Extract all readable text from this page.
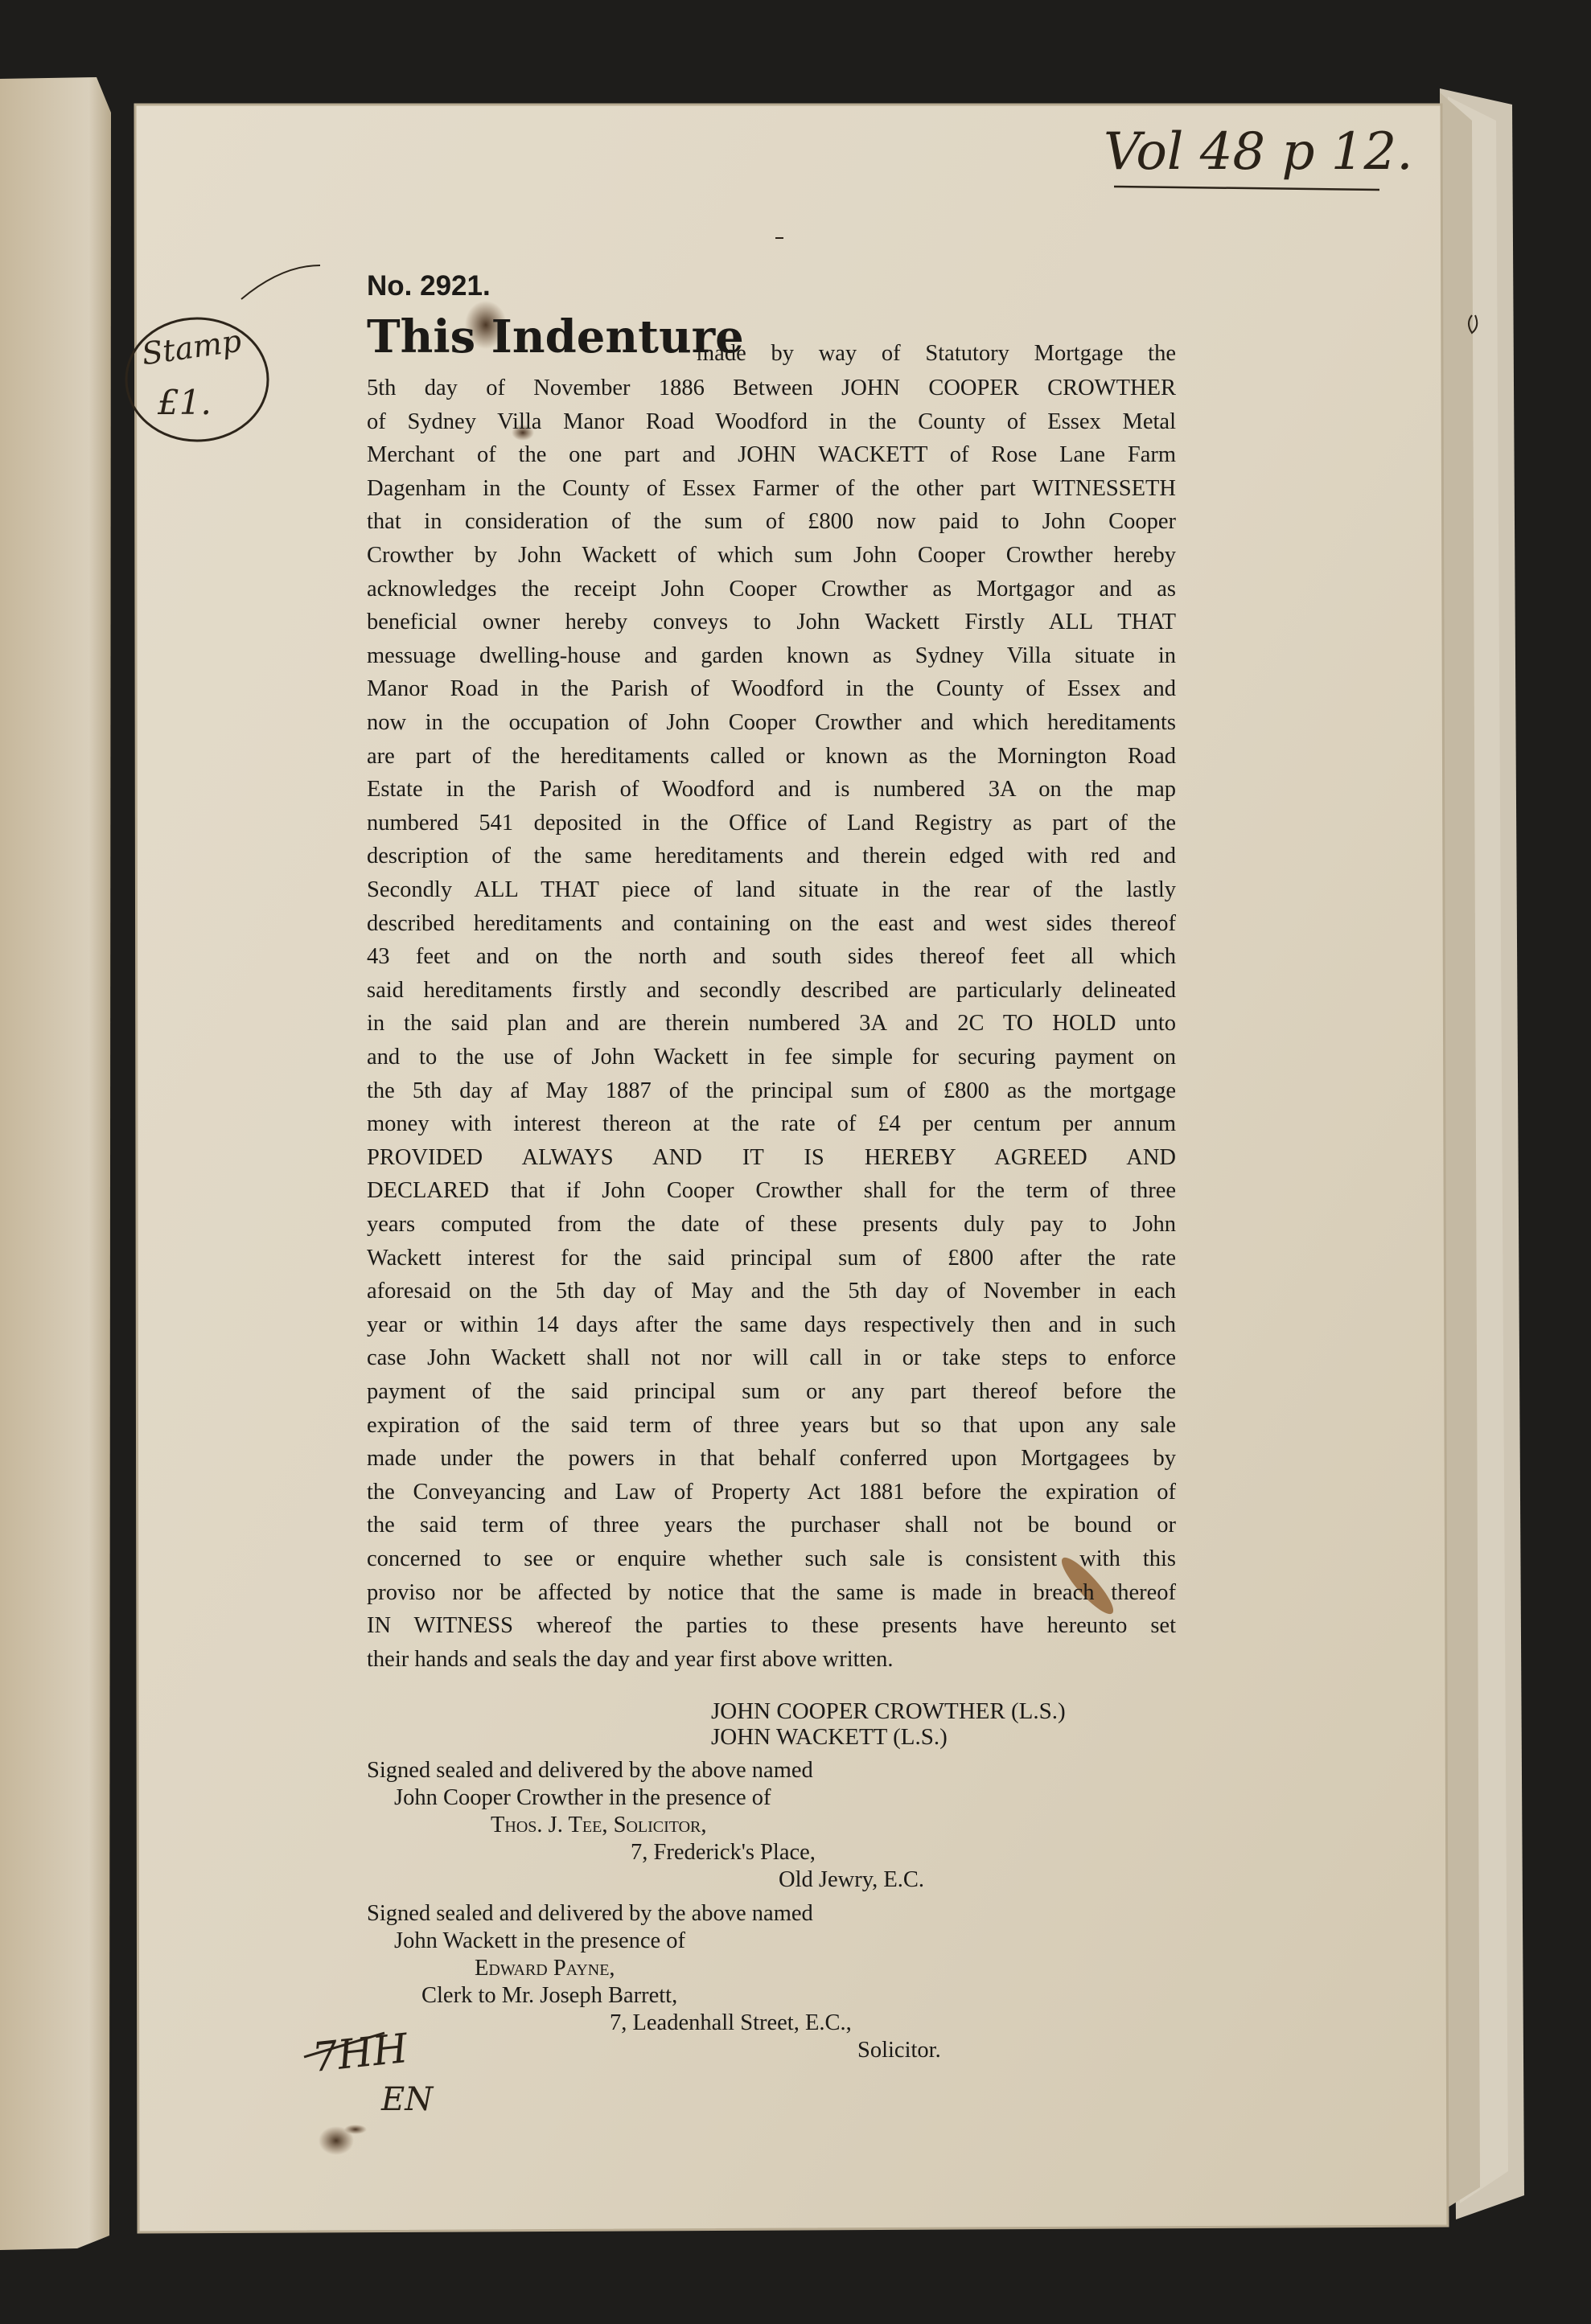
Vol 48 p 12.
Stamp
£1.
7HH
EN
No. 2921.
This Indenture
made by way of Statutory Mortgage the

5th day of November 1886 Between JOHN COOPER CROWTHER

of Sydney Villa Manor Road Woodford in the County of Essex Metal

Merchant of the one part and JOHN WACKETT of Rose Lane Farm

Dagenham in the County of Essex Farmer of the other part WITNESSETH

that in consideration of the sum of £800 now paid to John Cooper

Crowther by John Wackett of which sum John Cooper Crowther hereby

acknowledges the receipt John Cooper Crowther as Mortgagor and as

beneficial owner hereby conveys to John Wackett Firstly ALL THAT

messuage dwelling-house and garden known as Sydney Villa situate in

Manor Road in the Parish of Woodford in the County of Essex and

now in the occupation of John Cooper Crowther and which hereditaments

are part of the hereditaments called or known as the Mornington Road

Estate in the Parish of Woodford and is numbered 3A on the map

numbered 541 deposited in the Office of Land Registry as part of the

description of the same hereditaments and therein edged with red and

Secondly ALL THAT piece of land situate in the rear of the lastly

described hereditaments and containing on the east and west sides thereof

43 feet and on the north and south sides thereof feet all which

said hereditaments firstly and secondly described are particularly delineated

in the said plan and are therein numbered 3A and 2C TO HOLD unto

and to the use of John Wackett in fee simple for securing payment on

the 5th day af May 1887 of the principal sum of £800 as the mortgage

money with interest thereon at the rate of £4 per centum per annum

PROVIDED ALWAYS AND IT IS HEREBY AGREED AND

DECLARED that if John Cooper Crowther shall for the term of three

years computed from the date of these presents duly pay to John

Wackett interest for the said principal sum of £800 after the rate

aforesaid on the 5th day of May and the 5th day of November in each

year or within 14 days after the same days respectively then and in such

case John Wackett shall not nor will call in or take steps to enforce

payment of the said principal sum or any part thereof before the

expiration of the said term of three years but so that upon any sale

made under the powers in that behalf conferred upon Mortgagees by

the Conveyancing and Law of Property Act 1881 before the expiration of

the said term of three years the purchaser shall not be bound or

concerned to see or enquire whether such sale is consistent with this

proviso nor be affected by notice that the same is made in breach thereof

IN WITNESS whereof the parties to these presents have hereunto set

their hands and seals the day and year first above written.

JOHN COOPER CROWTHER (L.S.)
JOHN WACKETT (L.S.)
Signed sealed and delivered by the above named
John Cooper Crowther in the presence of
Thos. J. Tee, Solicitor,
7, Frederick's Place,
Old Jewry, E.C.
Signed sealed and delivered by the above named
John Wackett in the presence of
Edward Payne,
Clerk to Mr. Joseph Barrett,
7, Leadenhall Street, E.C.,
Solicitor.
